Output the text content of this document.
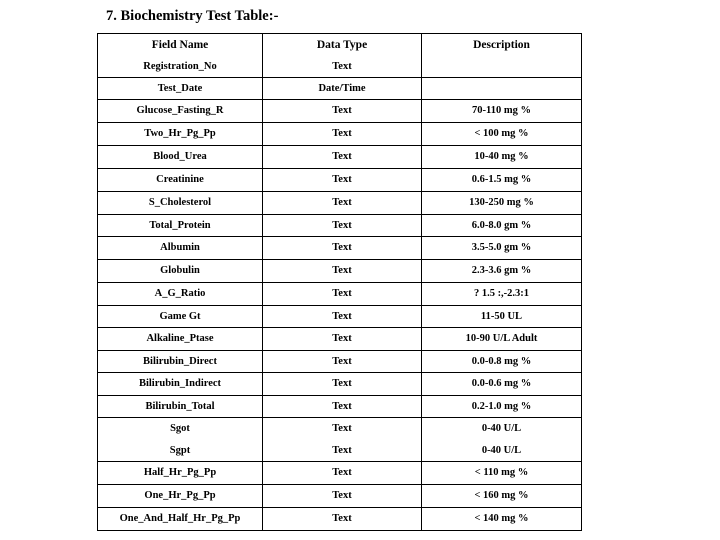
7. Biochemistry Test Table:-
Field Name	Data Type	Description
Registration_No	Text	
Test_Date	Date/Time	
Glucose_Fasting_R	Text	70-110 mg %
Two_Hr_Pg_Pp	Text	< 100 mg %
Blood_Urea	Text	10-40 mg %
Creatinine	Text	0.6-1.5 mg %
S_Cholesterol	Text	130-250 mg %
Total_Protein	Text	6.0-8.0 gm %
Albumin	Text	3.5-5.0 gm %
Globulin	Text	2.3-3.6 gm %
A_G_Ratio	Text	? 1.5 :,-2.3:1
Game Gt	Text	11-50 UL
Alkaline_Ptase	Text	10-90 U/L Adult
Bilirubin_Direct	Text	0.0-0.8 mg %
Bilirubin_Indirect	Text	0.0-0.6 mg %
Bilirubin_Total	Text	0.2-1.0 mg %
Sgot	Text	0-40 U/L
Sgpt	Text	0-40 U/L
Half_Hr_Pg_Pp	Text	< 110 mg %
One_Hr_Pg_Pp	Text	< 160 mg %
One_And_Half_Hr_Pg_Pp	Text	< 140 mg %
